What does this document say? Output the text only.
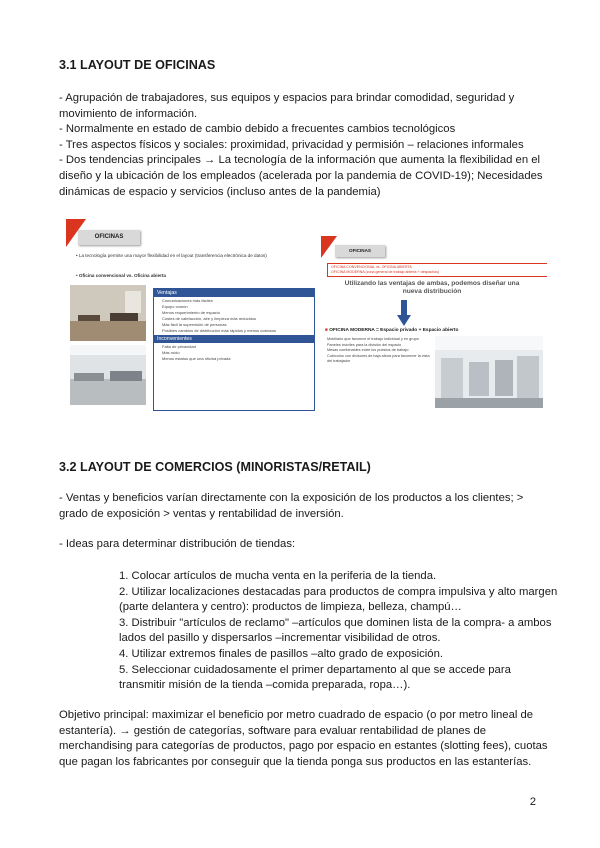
3.1 LAYOUT DE OFICINAS

- Agrupación de trabajadores, sus equipos y espacios para brindar comodidad, seguridad y movimiento de información.

- Normalmente en estado de cambio debido a frecuentes cambios tecnológicos

- Tres aspectos físicos y sociales: proximidad, privacidad y permisión – relaciones informales

- Dos tendencias principales → La tecnología de la información que aumenta la flexibilidad en el diseño y la ubicación de los empleados (acelerada por la pandemia de COVID-19); Necesidades dinámicas de espacio y servicios (incluso antes de la pandemia)

OFICINAS
• La tecnología permite una mayor flexibilidad en el layout (transferencia electrónica de datos)
• Oficina convencional vs. Oficina abierta
Ventajas
Comunicaciones más fáciles
Equipo común
Menos requerimiento de espacio
Costes de calefacción, aire y limpieza más reducidos
Más fácil la supervisión de personas
Posibles cambios de distribución más rápidos y menos costosos
Inconvenientes
Falta de privacidad
Más ruido
Menos estatus que una oficina privada
OFICINAS
OFICINA CONVENCIONAL vs. OFICINA ABIERTA
OFICINA MODERNA (zona general de trabajo abierta + despachos)
Utilizando las ventajas de ambas, podemos diseñar una nueva distribución
■ OFICINA MODERNA = Espacio privado + Espacio abierto
Mobiliario que favorece el trabajo individual y en grupo
Paneles móviles para la división del espacio
Mesas combinables entre los puestos de trabajo
Cubículos con divisores de baja altura para favorecer la vista del trabajador
3.2 LAYOUT DE COMERCIOS (MINORISTAS/RETAIL)
- Ventas y beneficios varían directamente con la exposición de los productos a los clientes; > grado de exposición > ventas y rentabilidad de inversión.
- Ideas para determinar distribución de tiendas:

1. Colocar artículos de mucha venta en la periferia de la tienda.

2. Utilizar localizaciones destacadas para productos de compra impulsiva y alto margen (parte delantera y centro): productos de limpieza, belleza, champú…

3. Distribuir "artículos de reclamo" –artículos que dominen lista de la compra- a ambos lados del pasillo y dispersarlos –incrementar visibilidad de otros.

4. Utilizar extremos finales de pasillos –alto grado de exposición.

5. Seleccionar cuidadosamente el primer departamento al que se accede para transmitir misión de la tienda –comida preparada, ropa…).

Objetivo principal: maximizar el beneficio por metro cuadrado de espacio (o por metro lineal de estantería). → gestión de categorías, software para evaluar rentabilidad de planes de merchandising para categorías de productos, pago por espacio en estantes (slotting fees), cuotas que pagan los fabricantes por conseguir que la tienda ponga sus productos en las estanterías.
2
